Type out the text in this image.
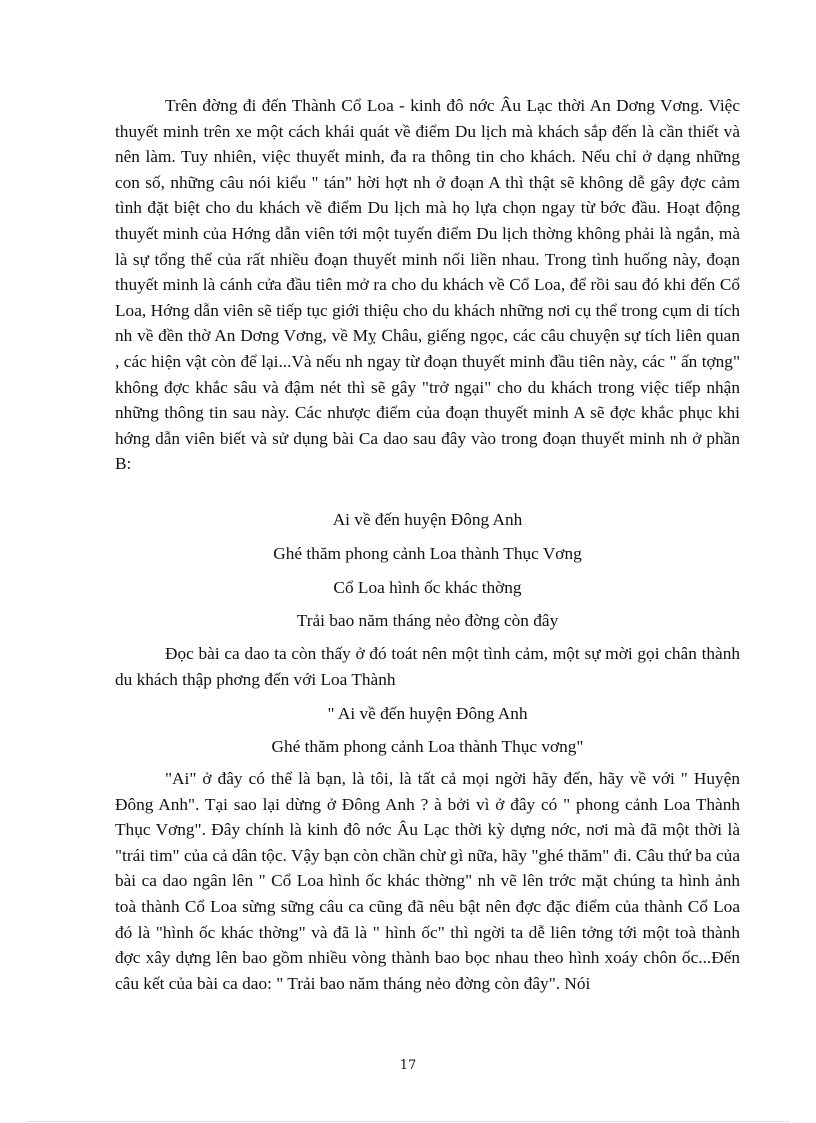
Trên đờng đi đến Thành Cổ Loa - kinh đô nớc Âu Lạc thời An Dơng Vơng. Việc thuyết minh trên xe một cách khái quát về điểm Du lịch mà khách sắp đến là cần thiết và nên làm. Tuy nhiên, việc thuyết minh, đa ra thông tin cho khách. Nếu chỉ ở dạng những con số, những câu nói kiểu " tán" hời hợt nh ở đoạn A thì thật sẽ không dễ gây đợc cảm tình đặt biệt cho du khách về điểm Du lịch mà họ lựa chọn ngay từ bớc đầu. Hoạt động thuyết minh của Hớng dẫn viên tới một tuyến điểm Du lịch thờng không phải là ngắn, mà là sự tổng thể của rất nhiều đoạn thuyết minh nối liền nhau. Trong tình huống này, đoạn thuyết minh là cánh cửa đầu tiên mở ra cho du khách về Cổ Loa, để rồi sau đó khi đến Cổ Loa, Hớng dẫn viên sẽ tiếp tục giới thiệu cho du khách những nơi cụ thể trong cụm di tích nh về đền thờ An Dơng Vơng, về Mỵ Châu, giếng ngọc, các câu chuyện sự tích liên quan , các hiện vật còn để lại...Và nếu nh ngay từ đoạn thuyết minh đầu tiên này, các " ấn tợng" không đợc khắc sâu và đậm nét thì sẽ gây "trở ngại" cho du khách trong việc tiếp nhận những thông tin sau này. Các nhược điểm của đoạn thuyết minh A sẽ đợc khắc phục khi hớng dẫn viên biết và sử dụng bài Ca dao sau đây vào trong đoạn thuyết minh nh ở phần B:

Ai về đến huyện Đông Anh

Ghé thăm phong cảnh Loa thành Thục Vơng

Cổ Loa hình ốc khác thờng

Trải bao năm tháng nẻo đờng còn đây

Đọc bài ca dao ta còn thấy ở đó toát nên một tình cảm, một sự mời gọi chân thành du khách thập phơng đến với Loa Thành

" Ai về đến huyện Đông Anh

Ghé thăm phong cảnh Loa thành Thục vơng"

"Ai" ở đây có thể là bạn, là tôi, là tất cả mọi ngời hãy đến, hãy về với " Huyện Đông Anh". Tại sao lại dừng ở Đông Anh ? à bởi vì ở đây có " phong cảnh Loa Thành Thục Vơng". Đây chính là kinh đô nớc Âu Lạc thời kỳ dựng nớc, nơi mà đã một thời là "trái tim" của cả dân tộc. Vậy bạn còn chần chừ gì nữa, hãy "ghé thăm" đi. Câu thứ ba của bài ca dao ngân lên " Cổ Loa hình ốc khác thờng" nh vẽ lên trớc mặt chúng ta hình ảnh toà thành Cổ Loa sừng sững câu ca cũng đã nêu bật nên đợc đặc điểm của thành Cổ Loa đó là "hình ốc khác thờng" và đã là " hình ốc" thì ngời ta dễ liên tởng tới một toà thành đợc xây dựng lên bao gồm nhiều vòng thành bao bọc nhau theo hình xoáy chôn ốc...Đến câu kết của bài ca dao: " Trải bao năm tháng nẻo đờng còn đây". Nói

17
